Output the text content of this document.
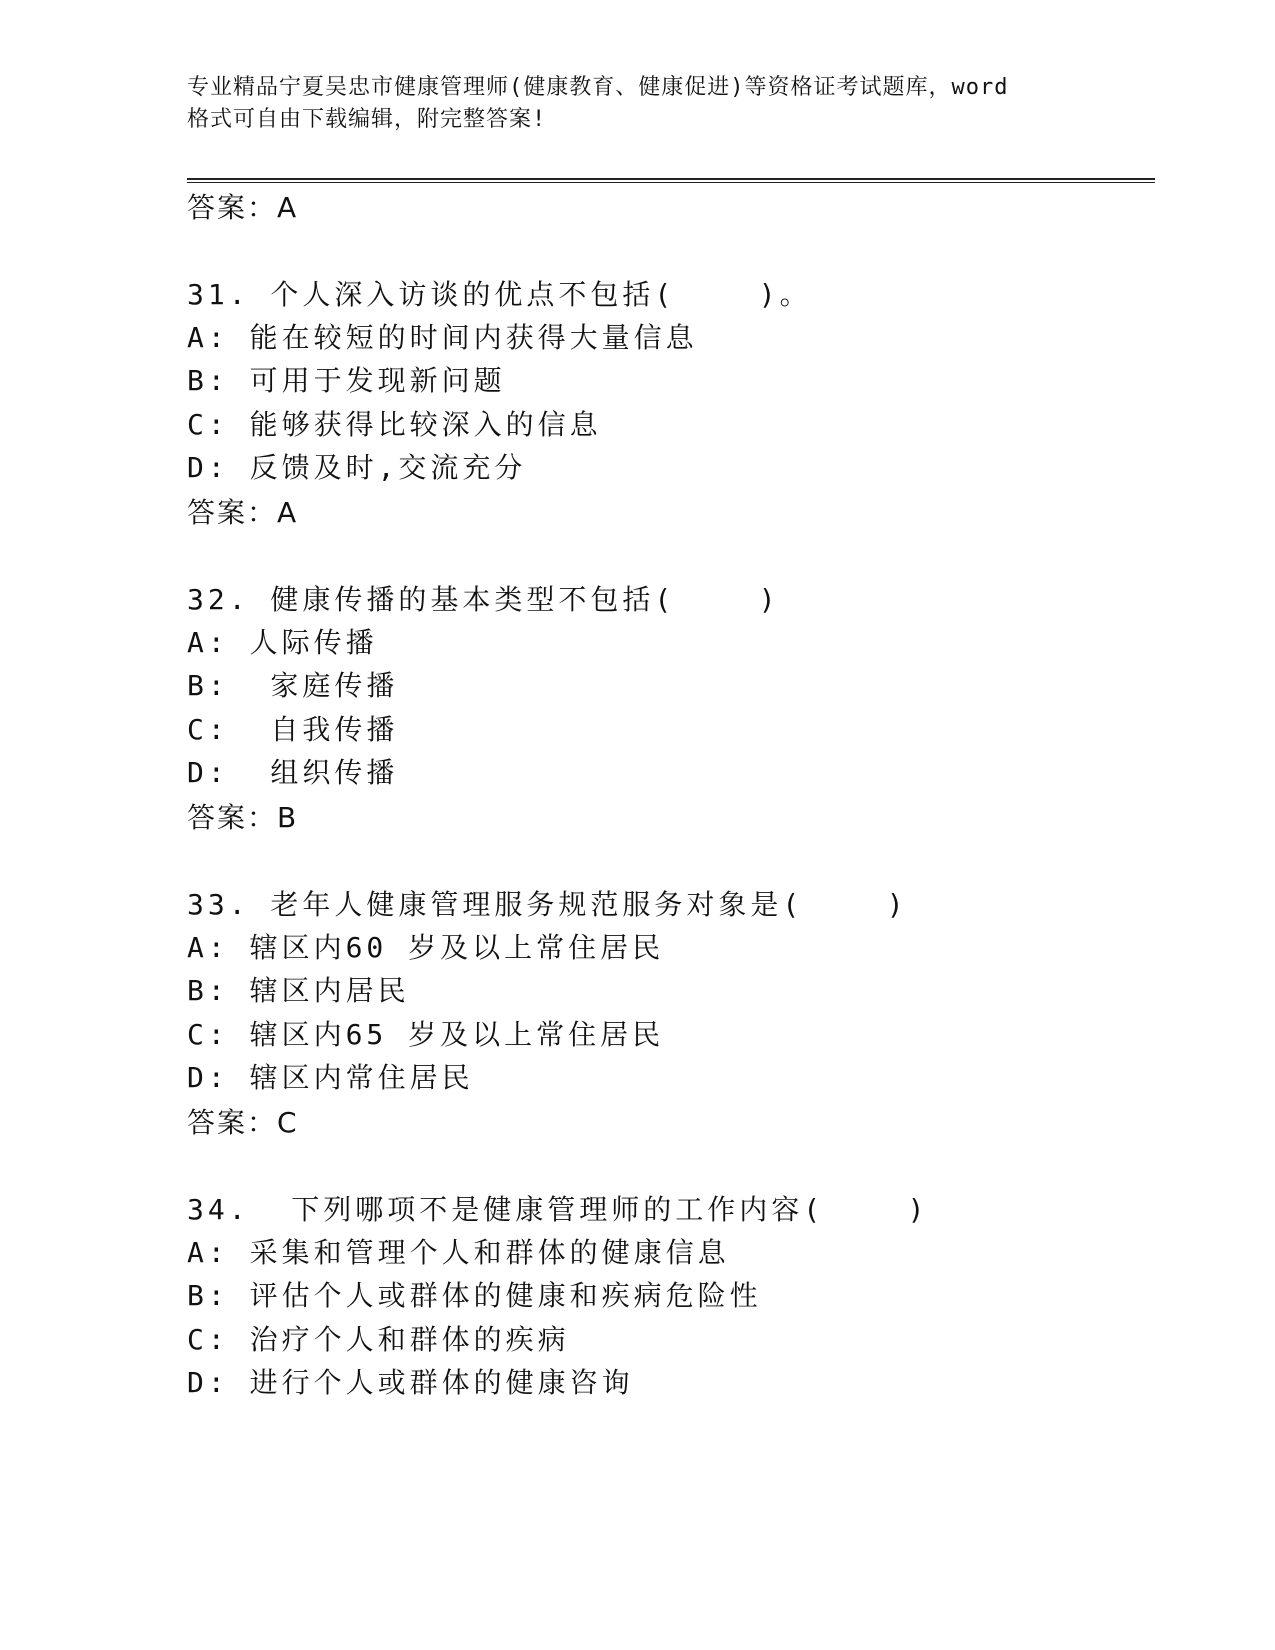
专业精品宁夏吴忠市健康管理师(健康教育、健康促进)等资格证考试题库，word
格式可自由下载编辑，附完整答案!
答案：A
31. 个人深入访谈的优点不包括(    )。
A: 能在较短的时间内获得大量信息
B: 可用于发现新问题
C: 能够获得比较深入的信息
D: 反馈及时,交流充分
答案：A
32. 健康传播的基本类型不包括(    )
A: 人际传播
B:  家庭传播
C:  自我传播
D:  组织传播
答案：B
33. 老年人健康管理服务规范服务对象是(    )
A: 辖区内60 岁及以上常住居民
B: 辖区内居民
C: 辖区内65 岁及以上常住居民
D: 辖区内常住居民
答案：C
34.  下列哪项不是健康管理师的工作内容(    )
A: 采集和管理个人和群体的健康信息
B: 评估个人或群体的健康和疾病危险性
C: 治疗个人和群体的疾病
D: 进行个人或群体的健康咨询
